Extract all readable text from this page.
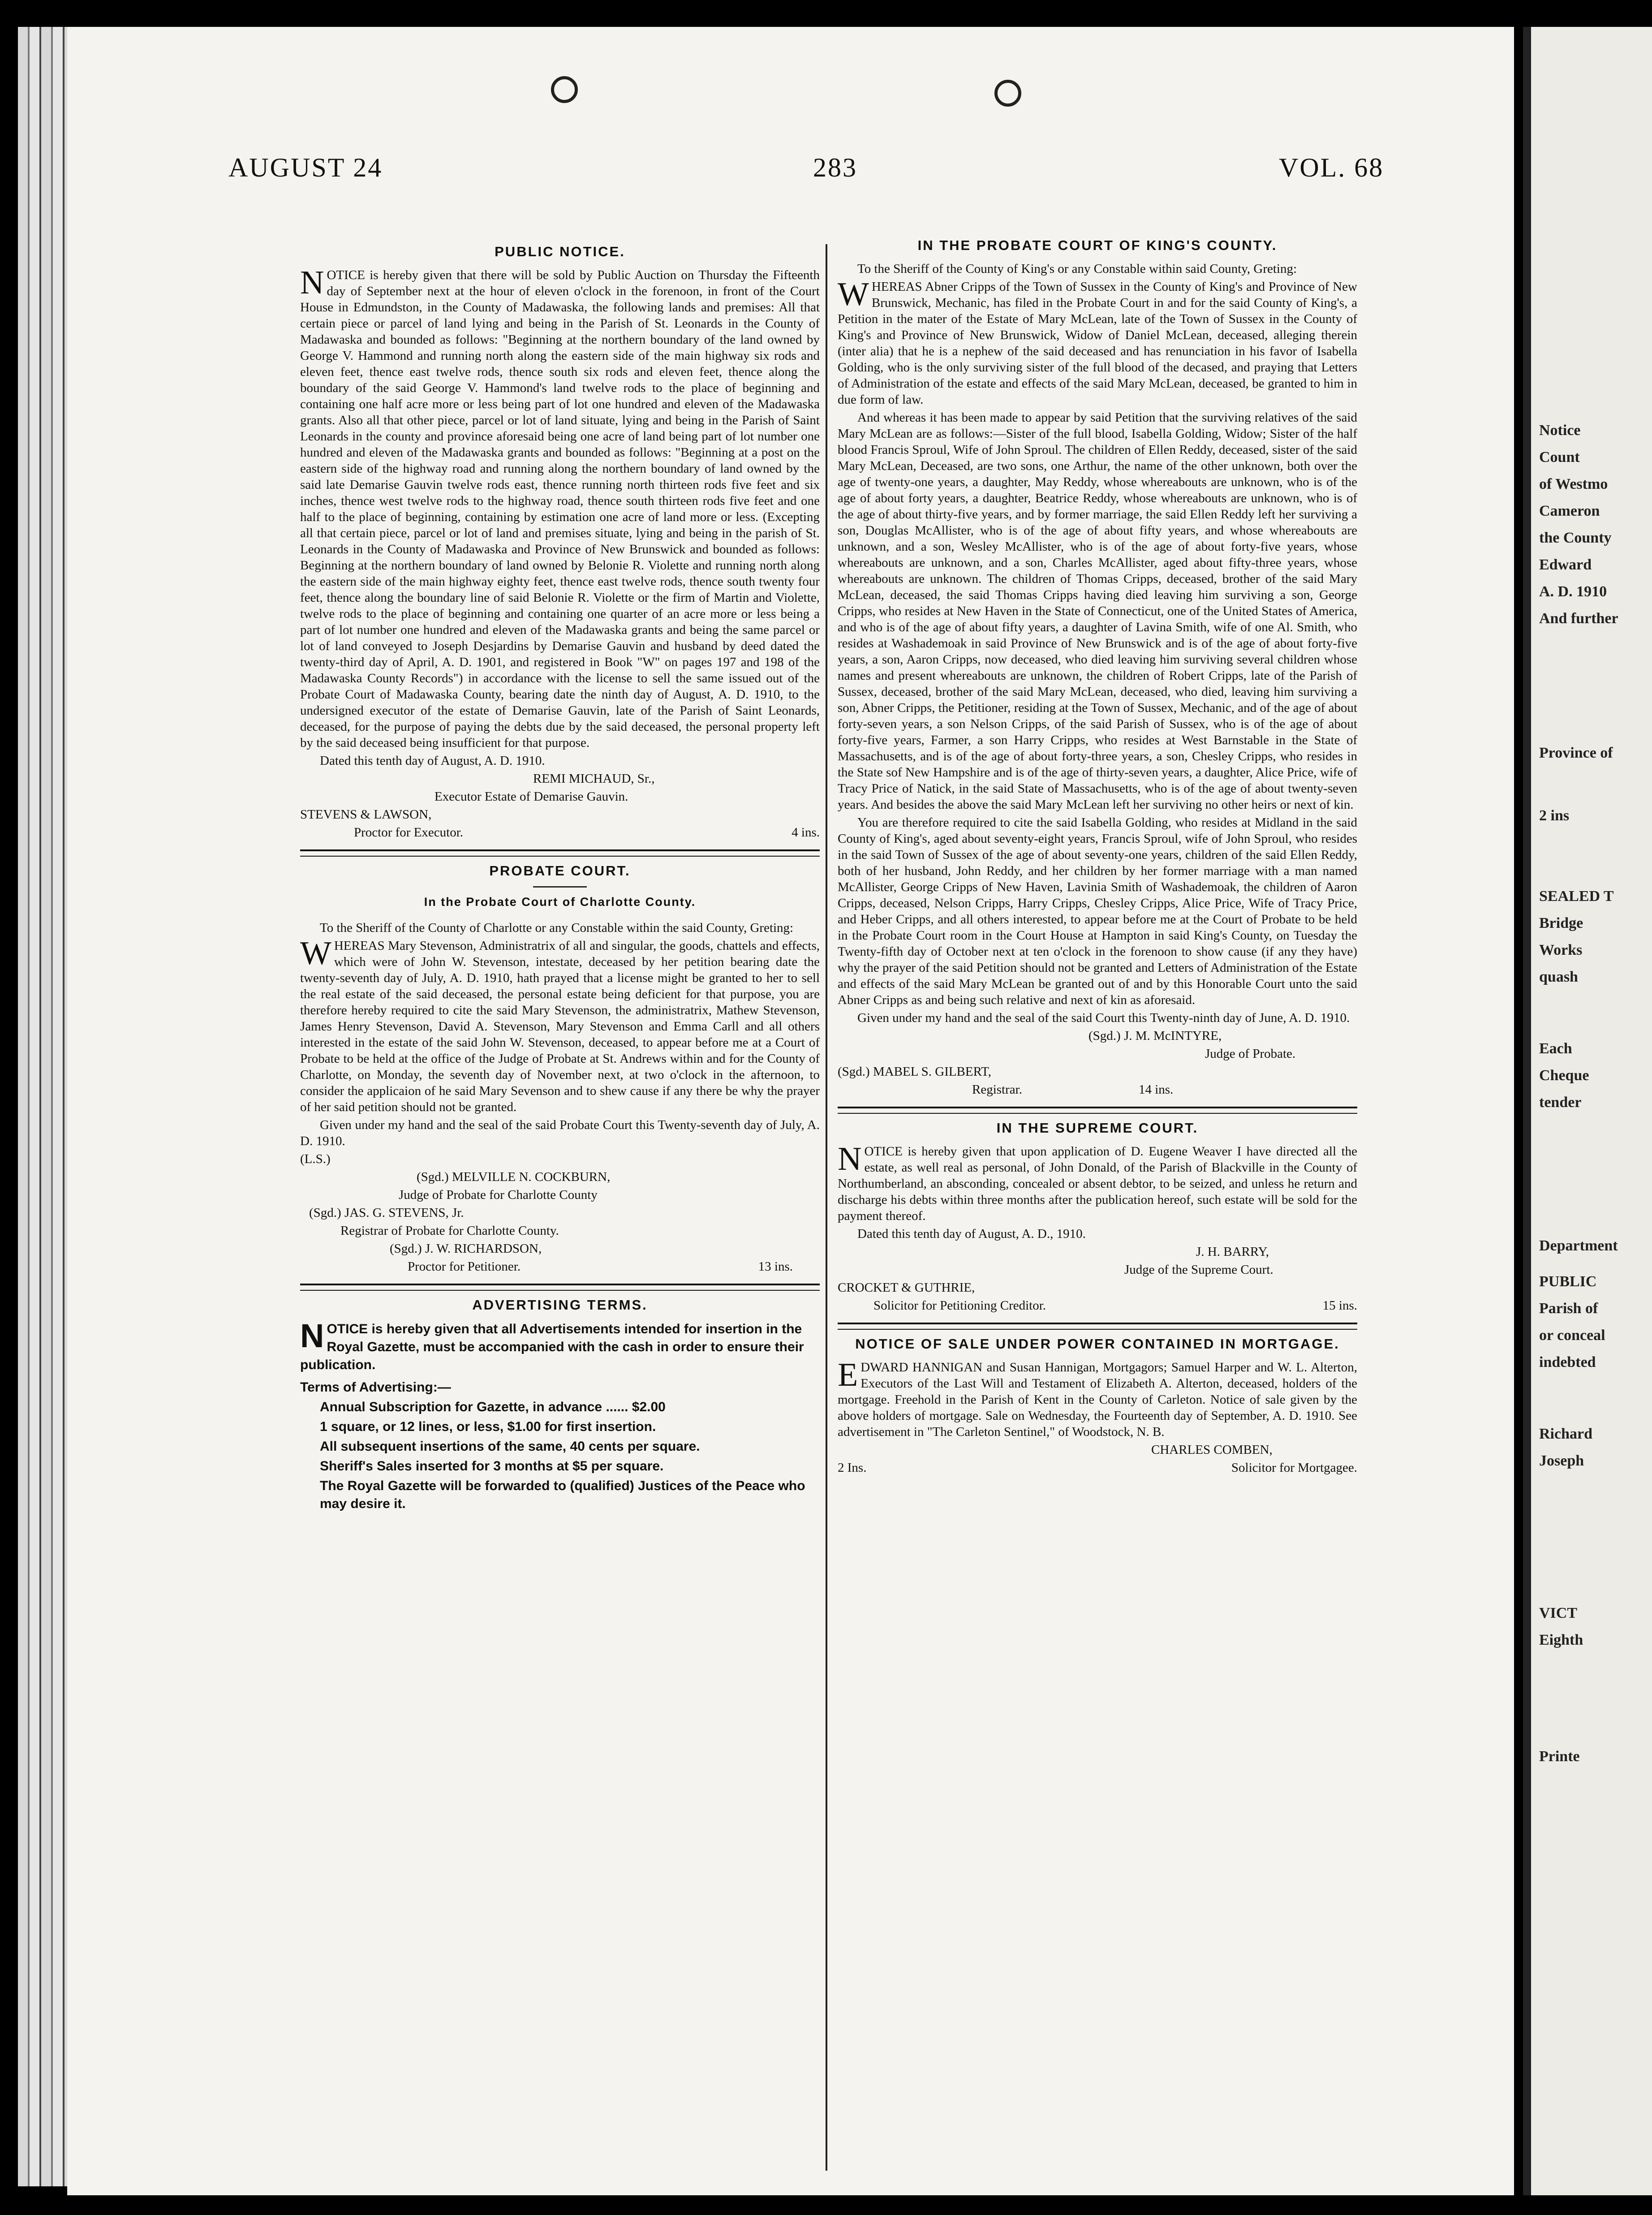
Notice
Count
of Westmo
Cameron
the County
Edward
A. D. 1910
And further
Province of
2 ins
SEALED T
Bridge
Works
quash
Each
Cheque
tender
Department
PUBLIC
Parish of
or conceal
indebted
Richard
Joseph
VICT
Eighth
Printe
AUGUST 24	283	VOL. 68
PUBLIC NOTICE.

NOTICE is hereby given that there will be sold by Public Auction on Thursday the Fifteenth day of September next at the hour of eleven o'clock in the forenoon, in front of the Court House in Edmundston, in the County of Madawaska, the following lands and premises: All that certain piece or parcel of land lying and being in the Parish of St. Leonards in the County of Madawaska and bounded as follows: "Beginning at the northern boundary of the land owned by George V. Hammond and running north along the eastern side of the main highway six rods and eleven feet, thence east twelve rods, thence south six rods and eleven feet, thence along the boundary of the said George V. Hammond's land twelve rods to the place of beginning and containing one half acre more or less being part of lot one hundred and eleven of the Madawaska grants. Also all that other piece, parcel or lot of land situate, lying and being in the Parish of Saint Leonards in the county and province aforesaid being one acre of land being part of lot number one hundred and eleven of the Madawaska grants and bounded as follows: "Beginning at a post on the eastern side of the highway road and running along the northern boundary of land owned by the said late Demarise Gauvin twelve rods east, thence running north thirteen rods five feet and six inches, thence west twelve rods to the highway road, thence south thirteen rods five feet and one half to the place of beginning, containing by estimation one acre of land more or less. (Excepting all that certain piece, parcel or lot of land and premises situate, lying and being in the parish of St. Leonards in the County of Madawaska and Province of New Brunswick and bounded as follows: Beginning at the northern boundary of land owned by Belonie R. Violette and running north along the eastern side of the main highway eighty feet, thence east twelve rods, thence south twenty four feet, thence along the boundary line of said Belonie R. Violette or the firm of Martin and Violette, twelve rods to the place of beginning and containing one quarter of an acre more or less being a part of lot number one hundred and eleven of the Madawaska grants and being the same parcel or lot of land conveyed to Joseph Desjardins by Demarise Gauvin and husband by deed dated the twenty-third day of April, A. D. 1901, and registered in Book "W" on pages 197 and 198 of the Madawaska County Records") in accordance with the license to sell the same issued out of the Probate Court of Madawaska County, bearing date the ninth day of August, A. D. 1910, to the undersigned executor of the estate of Demarise Gauvin, late of the Parish of Saint Leonards, deceased, for the purpose of paying the debts due by the said deceased, the personal property left by the said deceased being insufficient for that purpose.

Dated this tenth day of August, A. D. 1910.

REMI MICHAUD, Sr.,

Executor Estate of Demarise Gauvin.

STEVENS & LAWSON,

Proctor for Executor.	4 ins.
PROBATE COURT.
In the Probate Court of Charlotte County.

To the Sheriff of the County of Charlotte or any Constable within the said County, Greting:

WHEREAS Mary Stevenson, Administratrix of all and singular, the goods, chattels and effects, which were of John W. Stevenson, intestate, deceased by her petition bearing date the twenty-seventh day of July, A. D. 1910, hath prayed that a license might be granted to her to sell the real estate of the said deceased, the personal estate being deficient for that purpose, you are therefore hereby required to cite the said Mary Stevenson, the administratrix, Mathew Stevenson, James Henry Stevenson, David A. Stevenson, Mary Stevenson and Emma Carll and all others interested in the estate of the said John W. Stevenson, deceased, to appear before me at a Court of Probate to be held at the office of the Judge of Probate at St. Andrews within and for the County of Charlotte, on Monday, the seventh day of November next, at two o'clock in the afternoon, to consider the applicaion of he said Mary Sevenson and to shew cause if any there be why the prayer of her said petition should not be granted.

Given under my hand and the seal of the said Probate Court this Twenty-seventh day of July, A. D. 1910.

(L.S.)

(Sgd.) MELVILLE N. COCKBURN,

Judge of Probate for Charlotte County

(Sgd.) JAS. G. STEVENS, Jr.

Registrar of Probate for Charlotte County.

(Sgd.) J. W. RICHARDSON,

Proctor for Petitioner.	13 ins.
ADVERTISING TERMS.

NOTICE is hereby given that all Advertisements intended for insertion in the Royal Gazette, must be accompanied with the cash in order to ensure their publication.

Terms of Advertising:—

Annual Subscription for Gazette, in advance ...... $2.00

1 square, or 12 lines, or less, $1.00 for first insertion.

All subsequent insertions of the same, 40 cents per square.

Sheriff's Sales inserted for 3 months at $5 per square.

The Royal Gazette will be forwarded to (qualified) Justices of the Peace who may desire it.

IN THE PROBATE COURT OF KING'S COUNTY.

To the Sheriff of the County of King's or any Constable within said County, Greting:

WHEREAS Abner Cripps of the Town of Sussex in the County of King's and Province of New Brunswick, Mechanic, has filed in the Probate Court in and for the said County of King's, a Petition in the mater of the Estate of Mary McLean, late of the Town of Sussex in the County of King's and Province of New Brunswick, Widow of Daniel McLean, deceased, alleging therein (inter alia) that he is a nephew of the said deceased and has renunciation in his favor of Isabella Golding, who is the only surviving sister of the full blood of the decased, and praying that Letters of Administration of the estate and effects of the said Mary McLean, deceased, be granted to him in due form of law.

And whereas it has been made to appear by said Petition that the surviving relatives of the said Mary McLean are as follows:—Sister of the full blood, Isabella Golding, Widow; Sister of the half blood Francis Sproul, Wife of John Sproul. The children of Ellen Reddy, deceased, sister of the said Mary McLean, Deceased, are two sons, one Arthur, the name of the other unknown, both over the age of twenty-one years, a daughter, May Reddy, whose whereabouts are unknown, who is of the age of about forty years, a daughter, Beatrice Reddy, whose whereabouts are unknown, who is of the age of about thirty-five years, and by former marriage, the said Ellen Reddy left her surviving a son, Douglas McAllister, who is of the age of about fifty years, and whose whereabouts are unknown, and a son, Wesley McAllister, who is of the age of about forty-five years, whose whereabouts are unknown, and a son, Charles McAllister, aged about fifty-three years, whose whereabouts are unknown. The children of Thomas Cripps, deceased, brother of the said Mary McLean, deceased, the said Thomas Cripps having died leaving him surviving a son, George Cripps, who resides at New Haven in the State of Connecticut, one of the United States of America, and who is of the age of about fifty years, a daughter of Lavina Smith, wife of one Al. Smith, who resides at Washademoak in said Province of New Brunswick and is of the age of about forty-five years, a son, Aaron Cripps, now deceased, who died leaving him surviving several children whose names and present whereabouts are unknown, the children of Robert Cripps, late of the Parish of Sussex, deceased, brother of the said Mary McLean, deceased, who died, leaving him surviving a son, Abner Cripps, the Petitioner, residing at the Town of Sussex, Mechanic, and of the age of about forty-seven years, a son Nelson Cripps, of the said Parish of Sussex, who is of the age of about forty-five years, Farmer, a son Harry Cripps, who resides at West Barnstable in the State of Massachusetts, and is of the age of about forty-three years, a son, Chesley Cripps, who resides in the State sof New Hampshire and is of the age of thirty-seven years, a daughter, Alice Price, wife of Tracy Price of Natick, in the said State of Massachusetts, who is of the age of about twenty-seven years. And besides the above the said Mary McLean left her surviving no other heirs or next of kin.

You are therefore required to cite the said Isabella Golding, who resides at Midland in the said County of King's, aged about seventy-eight years, Francis Sproul, wife of John Sproul, who resides in the said Town of Sussex of the age of about seventy-one years, children of the said Ellen Reddy, both of her husband, John Reddy, and her children by her former marriage with a man named McAllister, George Cripps of New Haven, Lavinia Smith of Washademoak, the children of Aaron Cripps, deceased, Nelson Cripps, Harry Cripps, Chesley Cripps, Alice Price, Wife of Tracy Price, and Heber Cripps, and all others interested, to appear before me at the Court of Probate to be held in the Probate Court room in the Court House at Hampton in said King's County, on Tuesday the Twenty-fifth day of October next at ten o'clock in the forenoon to show cause (if any they have) why the prayer of the said Petition should not be granted and Letters of Administration of the Estate and effects of the said Mary McLean be granted out of and by this Honorable Court unto the said Abner Cripps as and being such relative and next of kin as aforesaid.

Given under my hand and the seal of the said Court this Twenty-ninth day of June, A. D. 1910.

(Sgd.) J. M. McINTYRE,

Judge of Probate.

(Sgd.) MABEL S. GILBERT,

Registrar.	14 ins.
IN THE SUPREME COURT.

NOTICE is hereby given that upon application of D. Eugene Weaver I have directed all the estate, as well real as personal, of John Donald, of the Parish of Blackville in the County of Northumberland, an absconding, concealed or absent debtor, to be seized, and unless he return and discharge his debts within three months after the publication hereof, such estate will be sold for the payment thereof.

Dated this tenth day of August, A. D., 1910.

J. H. BARRY,

Judge of the Supreme Court.

CROCKET & GUTHRIE,

Solicitor for Petitioning Creditor.	15 ins.
NOTICE OF SALE UNDER POWER CONTAINED IN MORTGAGE.

EDWARD HANNIGAN and Susan Hannigan, Mortgagors; Samuel Harper and W. L. Alterton, Executors of the Last Will and Testament of Elizabeth A. Alterton, deceased, holders of the mortgage. Freehold in the Parish of Kent in the County of Carleton. Notice of sale given by the above holders of mortgage. Sale on Wednesday, the Fourteenth day of September, A. D. 1910. See advertisement in "The Carleton Sentinel," of Woodstock, N. B.

CHARLES COMBEN,

2 Ins.	Solicitor for Mortgagee.
